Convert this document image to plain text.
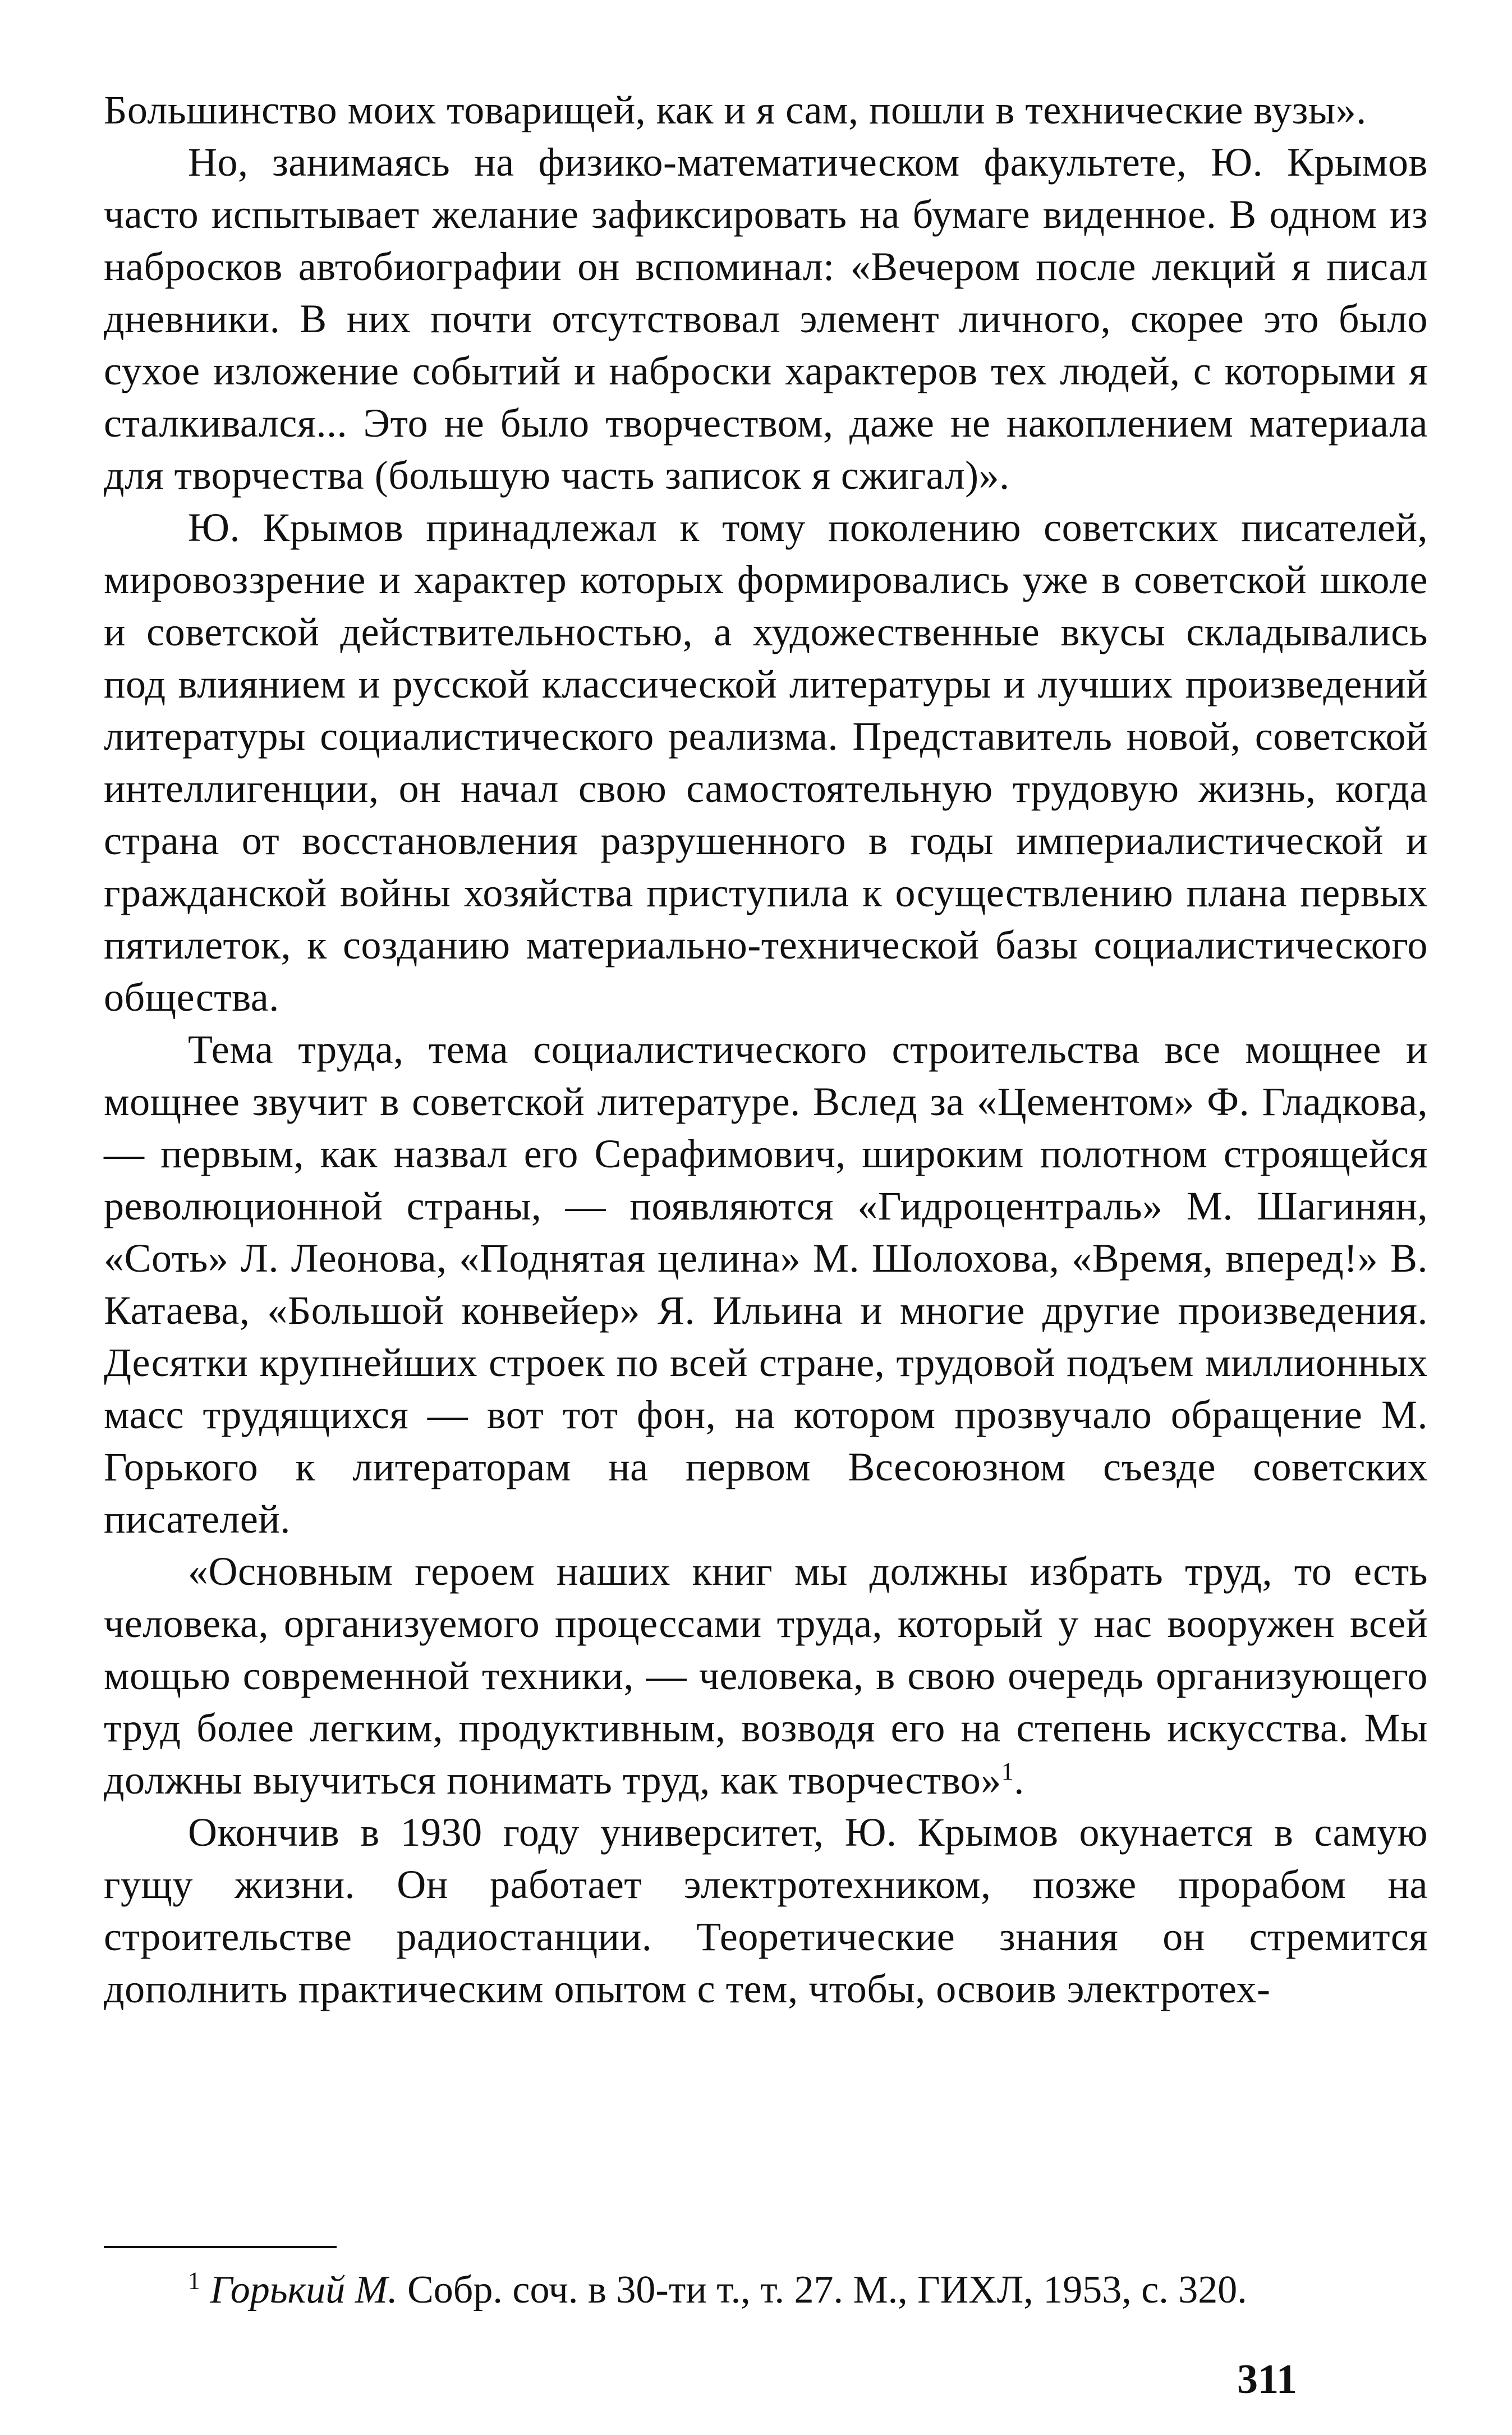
Большинство моих товарищей, как и я сам, пошли в технические вузы».

Но, занимаясь на физико-математическом факультете, Ю. Крымов часто испытывает желание зафиксировать на бумаге виденное. В одном из набросков автобиографии он вспоминал: «Вечером после лекций я писал дневники. В них почти отсутствовал элемент личного, скорее это было сухое изложение событий и наброски характеров тех людей, с которыми я сталкивался... Это не было творчеством, даже не накоплением материала для творчества (большую часть записок я сжигал)».

Ю. Крымов принадлежал к тому поколению советских писателей, мировоззрение и характер которых формировались уже в советской школе и советской действительностью, а художественные вкусы складывались под влиянием и русской классической литературы и лучших произведений литературы социалистического реализма. Представитель новой, советской интеллигенции, он начал свою самостоятельную трудовую жизнь, когда страна от восстановления разрушенного в годы империалистической и гражданской войны хозяйства приступила к осуществлению плана первых пятилеток, к созданию материально-технической базы социалистического общества.

Тема труда, тема социалистического строительства все мощнее и мощнее звучит в советской литературе. Вслед за «Цементом» Ф. Гладкова, — первым, как назвал его Серафимович, широким полотном строящейся революционной страны, — появляются «Гидроцентраль» М. Шагинян, «Соть» Л. Леонова, «Поднятая целина» М. Шолохова, «Время, вперед!» В. Катаева, «Большой конвейер» Я. Ильина и многие другие произведения. Десятки крупнейших строек по всей стране, трудовой подъем миллионных масс трудящихся — вот тот фон, на котором прозвучало обращение М. Горького к литераторам на первом Всесоюзном съезде советских писателей.

«Основным героем наших книг мы должны избрать труд, то есть человека, организуемого процессами труда, который у нас вооружен всей мощью современной техники, — человека, в свою очередь организующего труд более легким, продуктивным, возводя его на степень искусства. Мы должны выучиться понимать труд, как творчество»$^1$.

Окончив в 1930 году университет, Ю. Крымов окунается в самую гущу жизни. Он работает электротехником, позже прорабом на строительстве радиостанции. Теоретические знания он стремится дополнить практическим опытом с тем, чтобы, освоив электротех-

$^1$ Горький М. Собр. соч. в 30-ти т., т. 27. М., ГИХЛ, 1953, с. 320.
311
